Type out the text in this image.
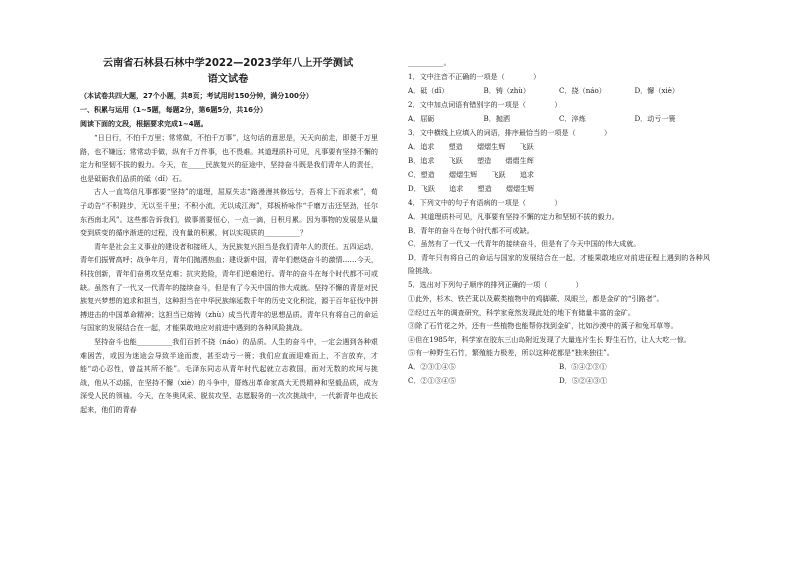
云南省石林县石林中学2022—2023学年八上开学测试
语文试卷
（本试卷共四大题，27个小题，共8页；考试用时150分钟，满分100分）
一、积累与运用（1~5题，每题2分，第6题5分，共16分）
阅读下面的文段，根据要求完成1~4题。

“日日行，不怕千万里；常常做，不怕千万事”，这句话的意思是，天天向前走，即便千万里路，也不嫌远；常常动手做，纵有千万件事，也不畏难。其道理质朴可见，凡事要有坚持不懈的定力和坚韧不拔的毅力。今天，在_____民族复兴的征途中，坚持奋斗既是我们青年人的责任，也是砥砺我们品质的砥（dǐ）石。

古人一直笃信凡事都要“坚持”的道理，屈原失志“路漫漫其修远兮，吾将上下而求索”，荀子动告“不积跬步，无以至千里；不积小流，无以成江海”，郑板桥咏作“千磨万击还坚劲，任尔东西南北风”。这些都告诉我们，做事需要恒心，一点一滴，日积月累。因为事物的发展是从量变到质变的循序渐进的过程，没有量的积累，何以实现质的__________？

青年是社会主义事业的建设者和接班人，为民族复兴担当是我们青年人的责任。五四运动，青年们振臂高呼；战争年月，青年们抛洒热血；建设新中国，青年们燃烧奋斗的激情……今天，科技创新，青年们奋勇攻坚克难；抗灾抢险，青年们逆难逆行。青年的奋斗在每个时代都不可或缺。虽然有了一代又一代青年的接续奋斗，但是有了今天中国的伟大成就。坚持不懈的青是对民族复兴梦想的追求和担当，这种担当在中华民族绵延数千年的历史文化积淀，源于百年征伐中拼搏进击的中国革命精神；这担当已熔铸（zhù）成当代青年的思想品质。青年只有将自己的命运与国家的发展结合在一起，才能果敢地应对前进中遇到的各种风险挑战。

坚持奋斗也能__________我们百折不挠（náo）的品质。人生的奋斗中，一定会遇到各种艰难困苦，或因为迷途会导致半途而废，甚至动亏一篑；我们应直面迎难而上，不言放弃，才能“动心忍性，曾益其所不能”。毛泽东同志从青年时代起就立志救国，面对无数的坎坷与挑战，他从不动摇，在坚持不懈（xiè）的斗争中，厝炼出革命家高大无畏精神和坚毅品质，成为深受人民的领袖。今天，在冬奥风采、脱贫攻坚、志愿服务的一次次挑战中，一代新青年也成长起来，他们的青春

__________。

1．文中注音不正确的一项是（　　　　）

A．砥（dǐ）	B．铸（zhù）	C．挠（náo）	D．懈（xiè）

2．文中加点词语有错别字的一项是（　　　　）

A．屈砺	B．抛洒	C．淬炼	D．动亏一篑

3．文中横线上应填入的词语，排序最恰当的一项是（　　　　）

A．追求　　塑造　　熠熠生辉　　飞跃

B．追求　　飞跃　　塑造　　熠熠生辉

C．塑造　　熠熠生辉　　飞跃　　追求

D．飞跃　　追求　　塑造　　熠熠生辉

4．下列文中的句子有语病的一项是（　　　　）

A．其道理质朴可见，凡事要有坚持不懈的定力和坚韧不拔的毅力。

B．青年的奋斗在每个时代都不可或缺。

C．虽然有了一代又一代青年的接续奋斗，但是有了今天中国的伟大成就。

D．青年只有将自己的命运与国家的发展结合在一起，才能果敢地应对前进征程上遇到的各种风险挑战。

5．选出对下列句子顺序的排列正确的一项（　　　　）

①此外，杉木、铁芒萁以及蕨类植物中的鸡脚蕨、凤眼兰，都是金矿的“引路者”。

②经过五年的调查研究，科学家竟然发现此处的地下有储量丰富的金矿。

③除了石竹花之外，还有一些植物也能帮你找到金矿，比如沙漠中的蒿子和兔耳草等。

④但在1985年，科学家在胶东三山岛附近发现了大量连片生长 野生石竹，让人大吃一惊。

⑤有一种野生石竹，繁殖能力极差，所以这种花都是“独来独往”。

A．②③①④⑤	B．⑤④②③①
C．②①③④⑤	D．⑤②④③①
